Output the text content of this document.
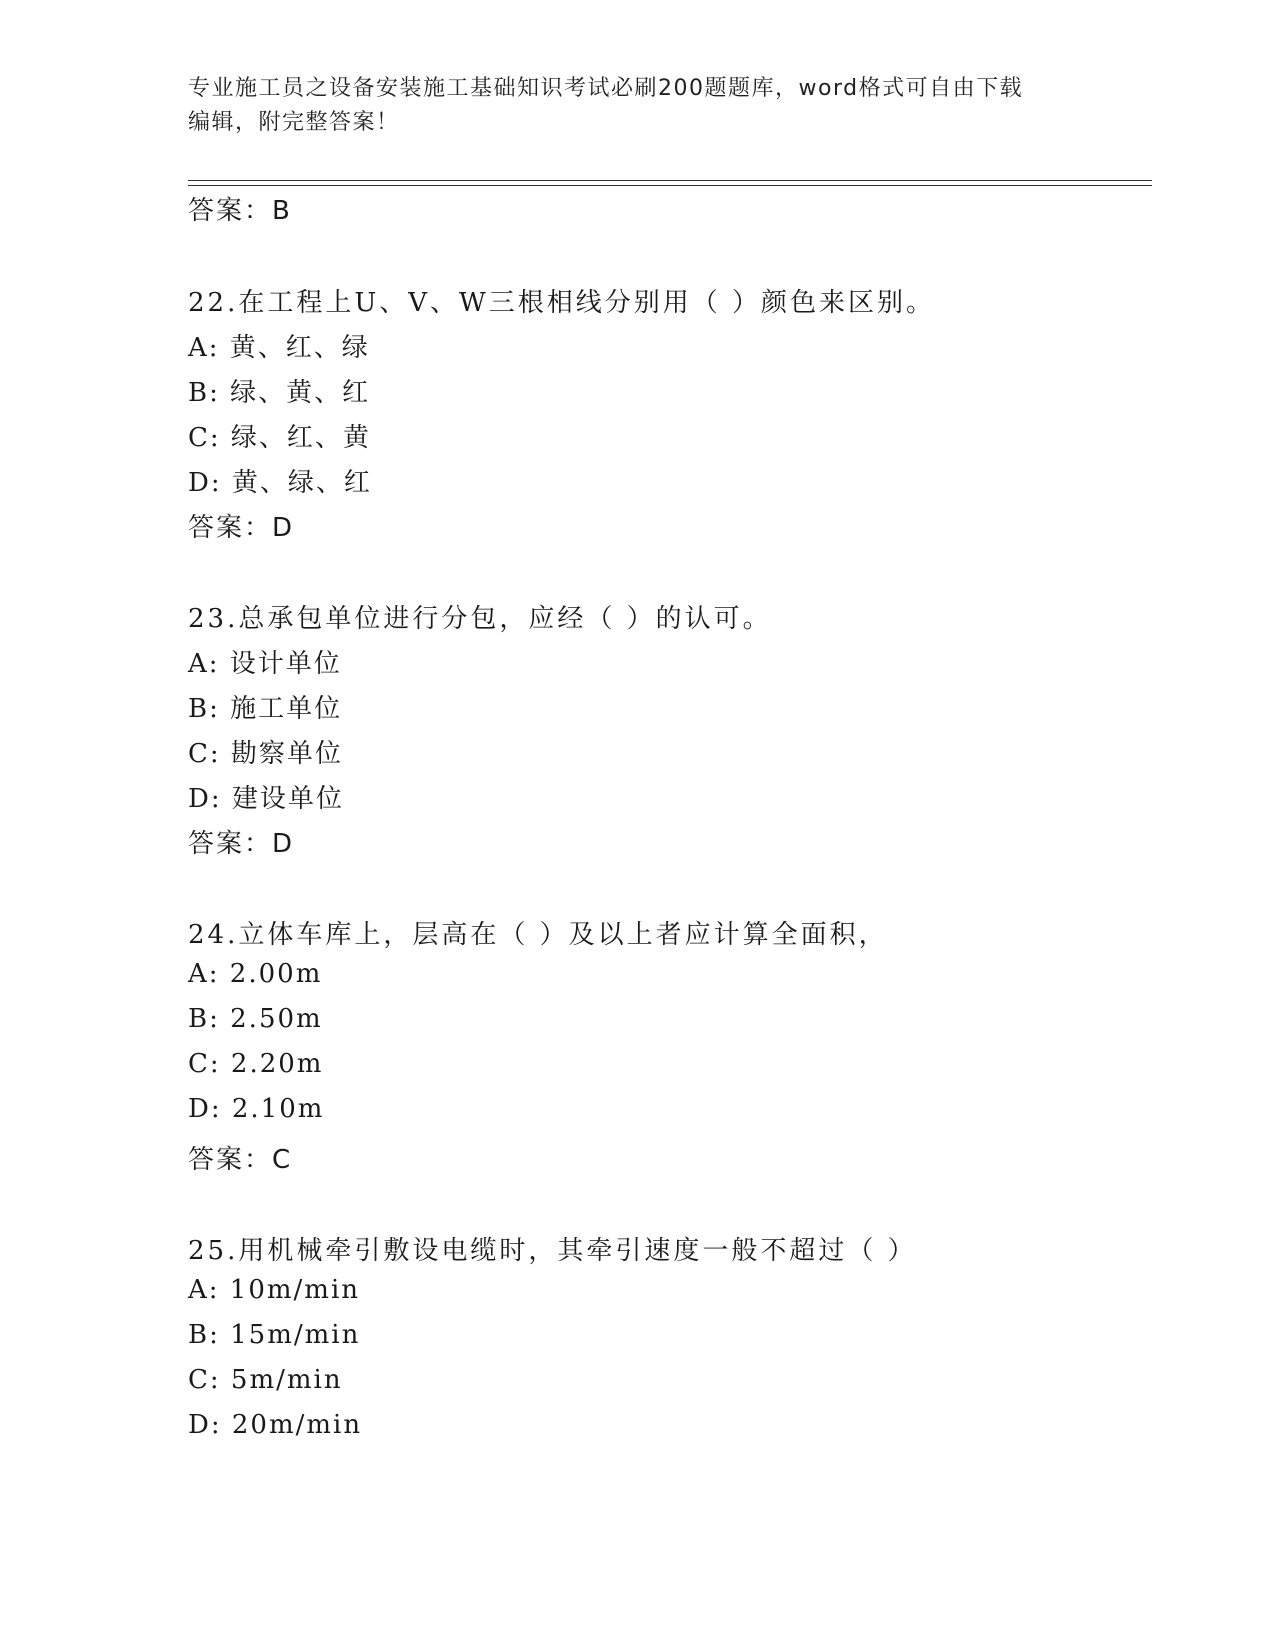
专业施工员之设备安装施工基础知识考试必刷200题题库，word格式可自由下载
编辑，附完整答案！
答案：B
22.在工程上U、V、W三根相线分别用（ ）颜色来区别。
A: 黄、红、绿
B: 绿、黄、红
C: 绿、红、黄
D: 黄、绿、红
答案：D
23.总承包单位进行分包，应经（ ）的认可。
A: 设计单位
B: 施工单位
C: 勘察单位
D: 建设单位
答案：D
24.立体车库上，层高在（ ）及以上者应计算全面积，
A: 2.00m
B: 2.50m
C: 2.20m
D: 2.10m
答案：C
25.用机械牵引敷设电缆时，其牵引速度一般不超过（ ）
A: 10m/min
B: 15m/min
C: 5m/min
D: 20m/min
